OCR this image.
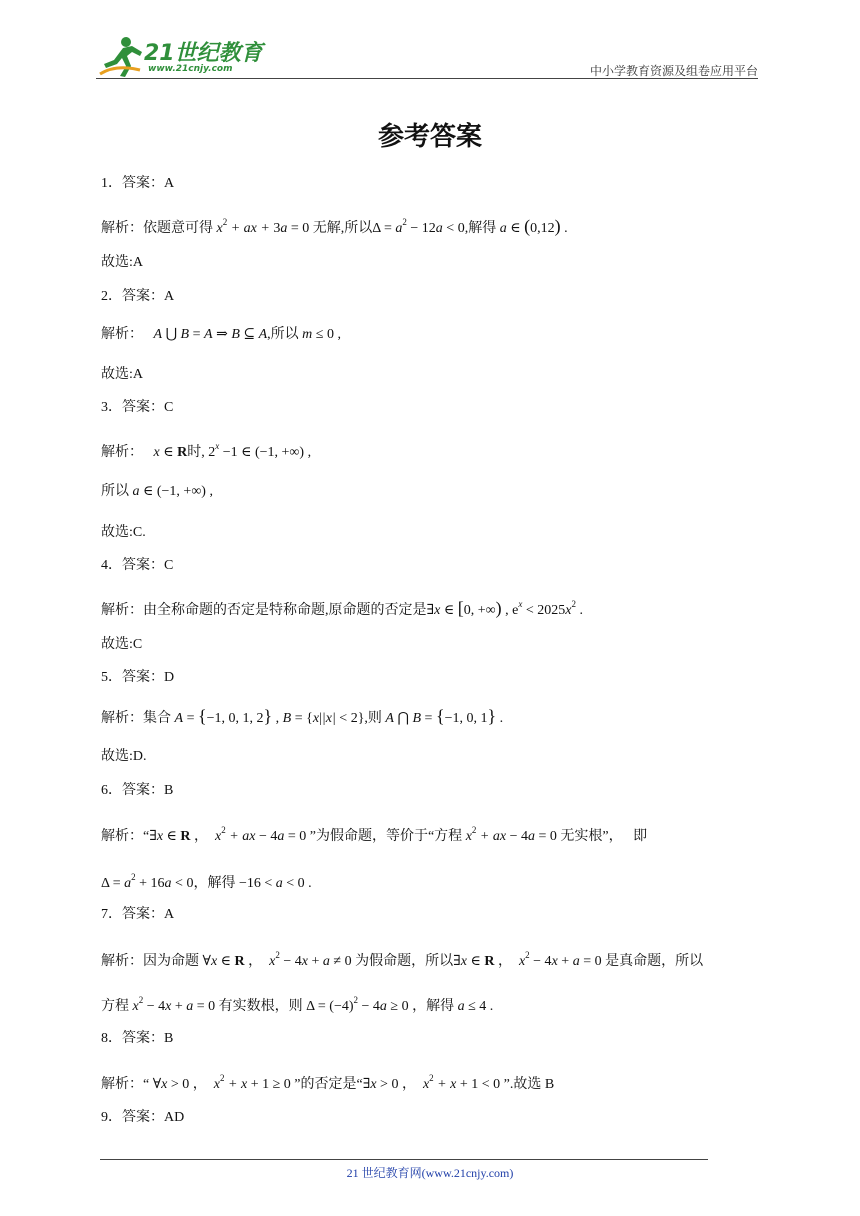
21世纪教育
www.21cnjy.com	中小学教育资源及组卷应用平台
参考答案
1．答案：A
解析：依题意可得 $x^2$ + ax + 3a = 0 无解,所以$\Delta = a^2 - 12a < 0$,解得 a ∈ (0,12) .
故选:A
2．答案：A
解析：   A ⋃ B = A ⇒ B ⊆ A,所以 m ≤ 0 ,
故选:A
3．答案：C
解析：   x ∈ R时, $2^x -1$ ∈ (−1, +∞) ,
所以 a ∈ (−1, +∞) ,
故选:C.
4．答案：C
解析：由全称命题的否定是特称命题,原命题的否定是∃x ∈ [0, +∞) , $e^x < 2025x^2$ .
故选:C
5．答案：D
解析：集合 A = {−1, 0, 1, 2} , B = {x||x| < 2},则 A ⋂ B = {−1, 0, 1} .
故选:D.
6．答案：B
解析：“∃x ∈ R ，  $x^2$ + ax − 4a = 0 ”为假命题，等价于“方程 $x^2$ + ax − 4a = 0 无实根”， 即
$\Delta = a^2 + 16a < 0$，解得 −16 < a < 0 .
7．答案：A
解析：因为命题 ∀x ∈ R ，  $x^2 - 4x + a \ne 0$ 为假命题，所以∃x ∈ R ，  $x^2 - 4x + a = 0$ 是真命题，所以
方程 $x^2 - 4x + a = 0$ 有实数根，则 $\Delta = (-4)^2 - 4a \ge 0$ ，解得 a ≤ 4 .
8．答案：B
解析：“ ∀x > 0 ，  $x^2 + x + 1 \ge 0$ ”的否定是“∃x > 0 ，  $x^2 + x + 1 < 0$ ”.故选 B
9．答案：AD
21 世纪教育网(www.21cnjy.com)
